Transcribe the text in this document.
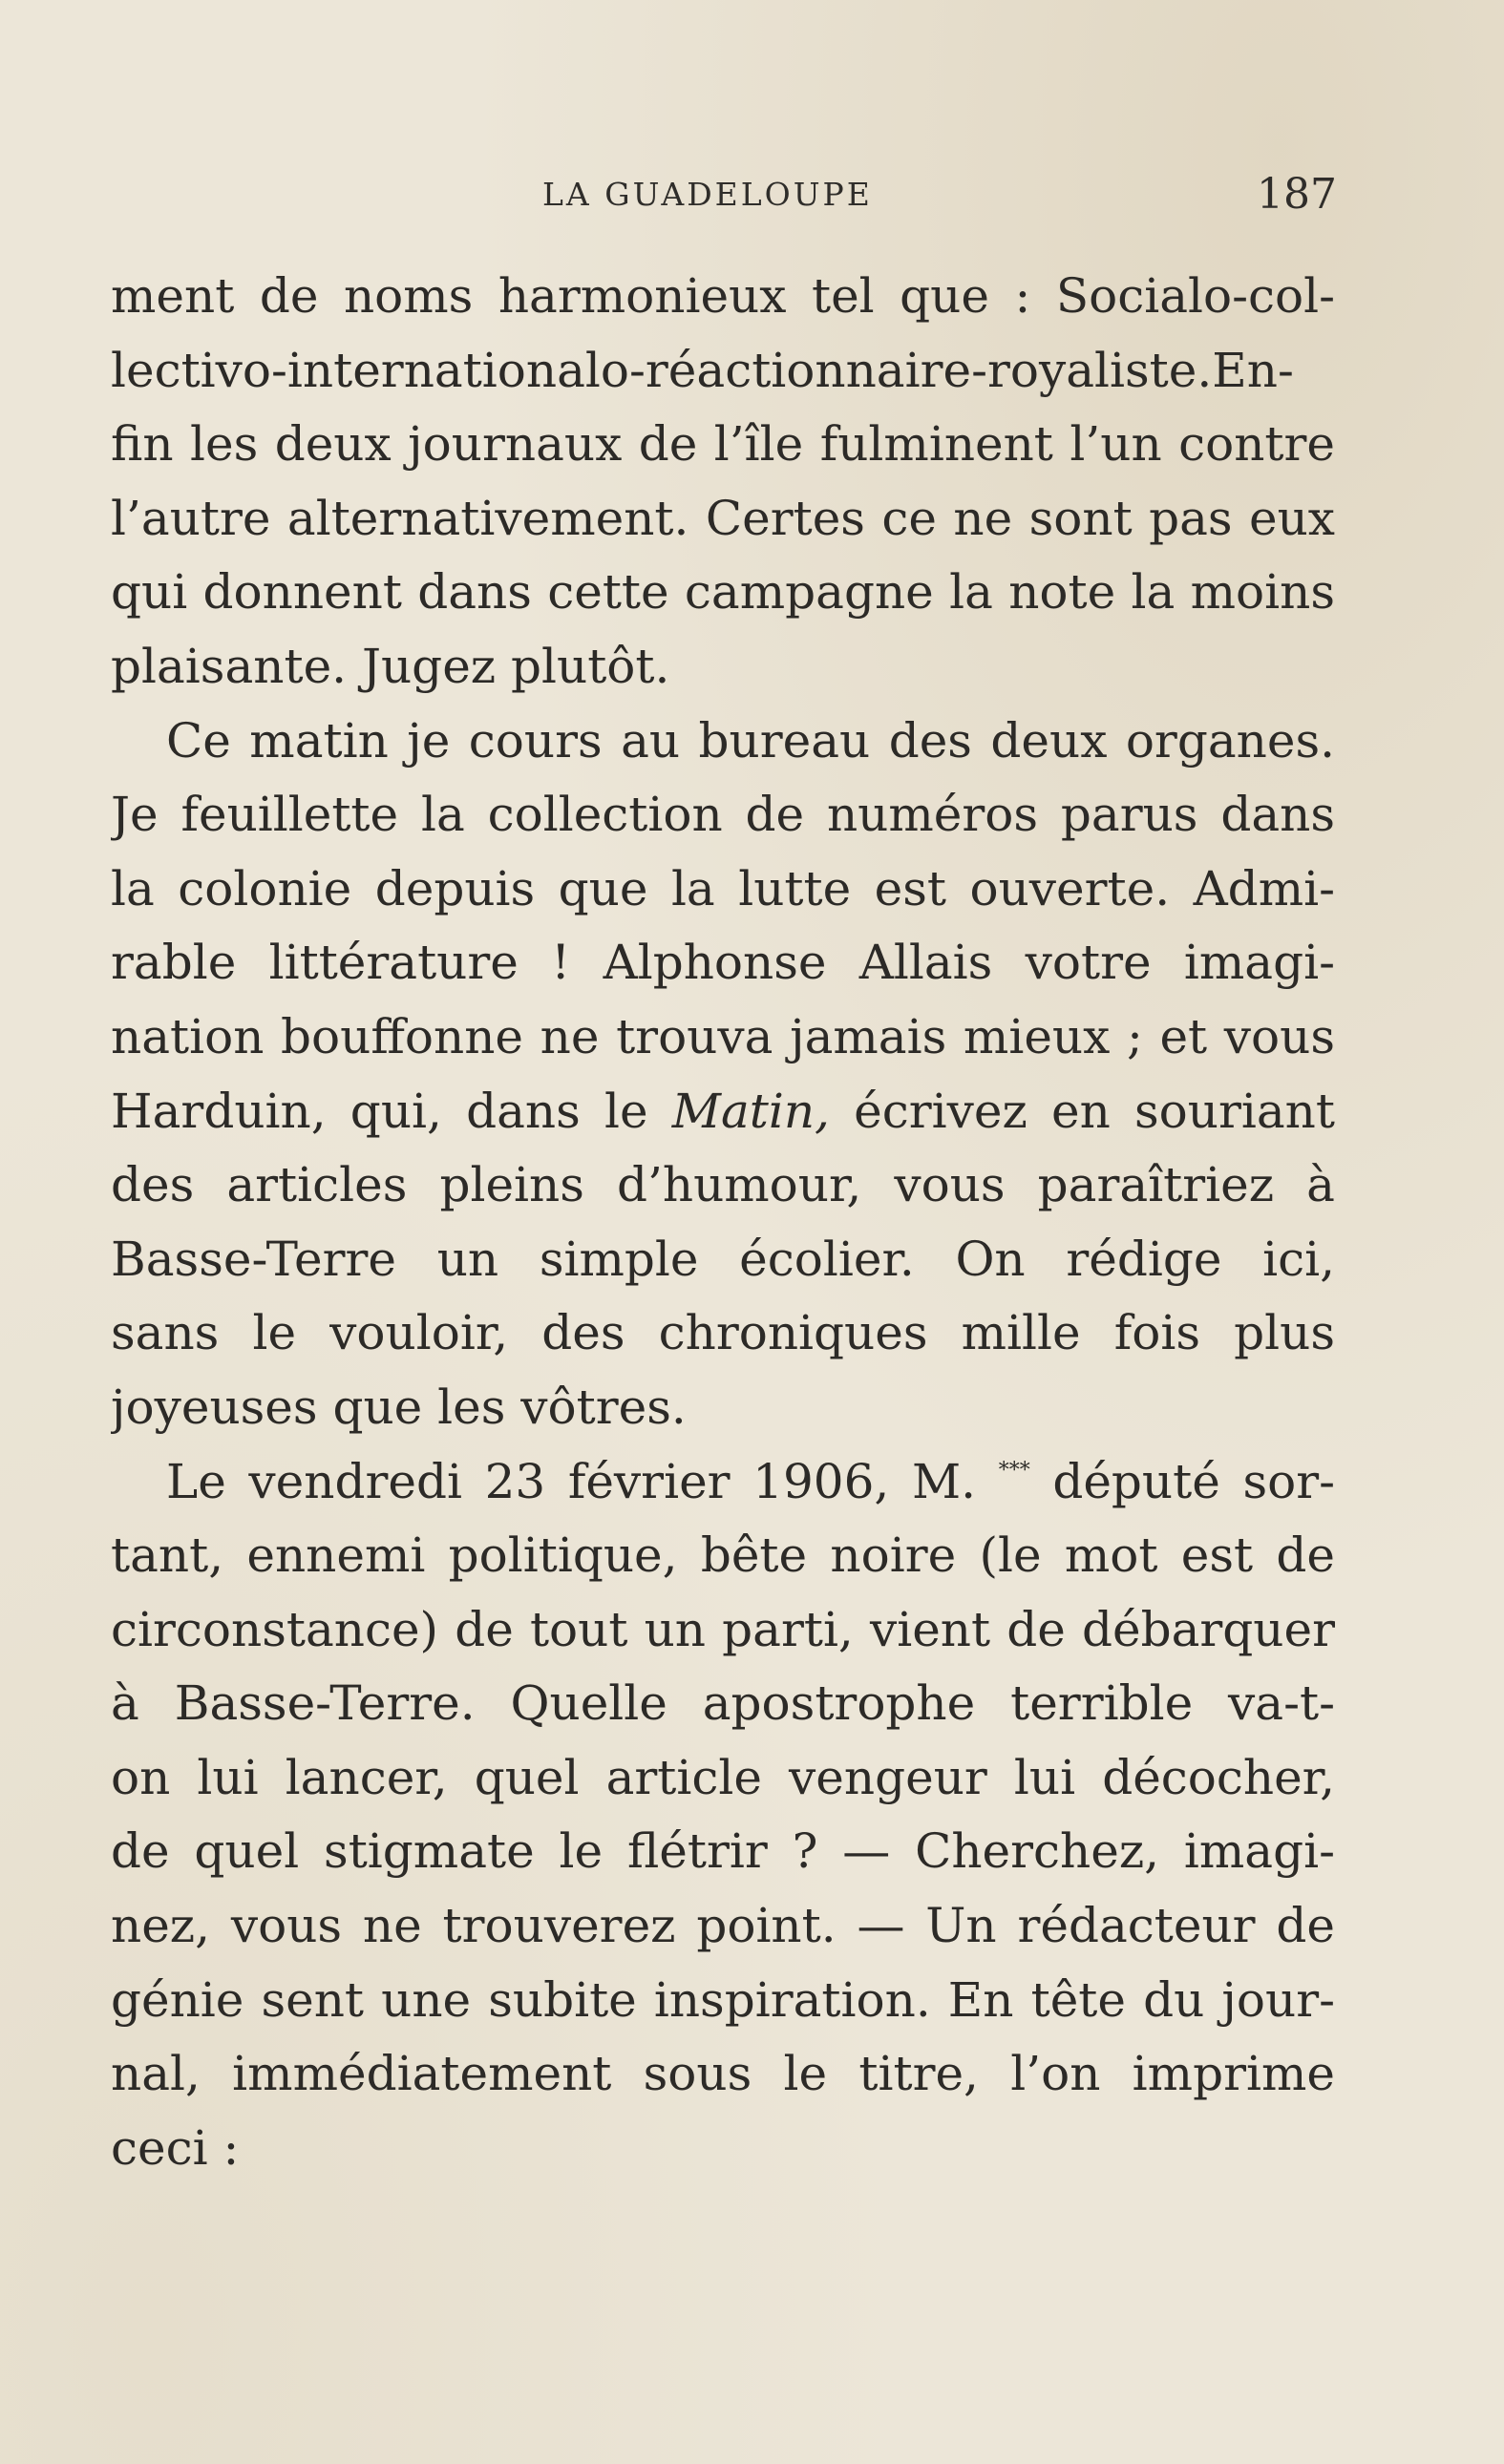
LA GUADELOUPE	187
ment de noms harmonieux tel que : Socialo-col-
lectivo-internationalo-réactionnaire-royaliste.En-
fin les deux journaux de l’île fulminent l’un contre
l’autre alternativement. Certes ce ne sont pas eux
qui donnent dans cette campagne la note la moins
plaisante. Jugez plutôt.
Ce matin je cours au bureau des deux organes.
Je feuillette la collection de numéros parus dans
la colonie depuis que la lutte est ouverte. Admi-
rable littérature ! Alphonse Allais votre imagi-
nation bouffonne ne trouva jamais mieux ; et vous
Harduin, qui, dans le Matin, écrivez en souriant
des articles pleins d’humour, vous paraîtriez à
Basse-Terre un simple écolier. On rédige ici,
sans le vouloir, des chroniques mille fois plus
joyeuses que les vôtres.
Le vendredi 23 février 1906, M. *** député sor-
tant, ennemi politique, bête noire (le mot est de
circonstance) de tout un parti, vient de débarquer
à Basse-Terre. Quelle apostrophe terrible va-t-
on lui lancer, quel article vengeur lui décocher,
de quel stigmate le flétrir ? — Cherchez, imagi-
nez, vous ne trouverez point. — Un rédacteur de
génie sent une subite inspiration. En tête du jour-
nal, immédiatement sous le titre, l’on imprime
ceci :
